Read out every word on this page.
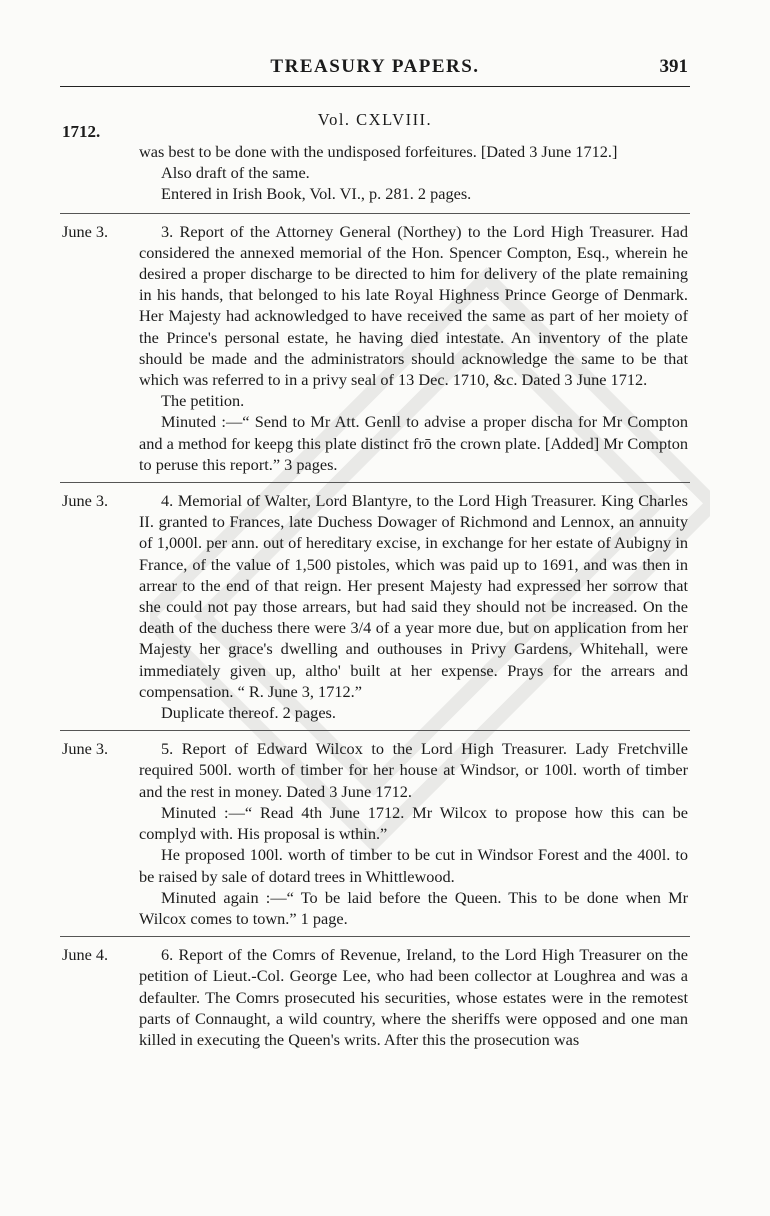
TREASURY PAPERS.	391
Vol. CXLVIII.
1712.

was best to be done with the undisposed forfeitures. [Dated 3 June 1712.]

Also draft of the same.

Entered in Irish Book, Vol. VI., p. 281. 2 pages.

June 3.	3. Report of the Attorney General (Northey) to the Lord High Treasurer. Had considered the annexed memorial of the Hon. Spencer Compton, Esq., wherein he desired a proper discharge to be directed to him for delivery of the plate remaining in his hands, that belonged to his late Royal Highness Prince George of Denmark. Her Majesty had acknowledged to have received the same as part of her moiety of the Prince's personal estate, he having died intestate. An inventory of the plate should be made and the administrators should acknowledge the same to be that which was referred to in a privy seal of 13 Dec. 1710, &c. Dated 3 June 1712.

The petition.

Minuted :—“ Send to Mr Att. Genll to advise a proper discha for Mr Compton and a method for keepg this plate distinct frō the crown plate. [Added] Mr Compton to peruse this report.” 3 pages.

June 3.	4. Memorial of Walter, Lord Blantyre, to the Lord High Treasurer. King Charles II. granted to Frances, late Duchess Dowager of Richmond and Lennox, an annuity of 1,000l. per ann. out of hereditary excise, in exchange for her estate of Aubigny in France, of the value of 1,500 pistoles, which was paid up to 1691, and was then in arrear to the end of that reign. Her present Majesty had expressed her sorrow that she could not pay those arrears, but had said they should not be increased. On the death of the duchess there were 3/4 of a year more due, but on application from her Majesty her grace's dwelling and outhouses in Privy Gardens, Whitehall, were immediately given up, altho' built at her expense. Prays for the arrears and compensation. “ R. June 3, 1712.”

Duplicate thereof. 2 pages.

June 3.	5. Report of Edward Wilcox to the Lord High Treasurer. Lady Fretchville required 500l. worth of timber for her house at Windsor, or 100l. worth of timber and the rest in money. Dated 3 June 1712.

Minuted :—“ Read 4th June 1712. Mr Wilcox to propose how this can be complyd with. His proposal is wthin.”

He proposed 100l. worth of timber to be cut in Windsor Forest and the 400l. to be raised by sale of dotard trees in Whittlewood.

Minuted again :—“ To be laid before the Queen. This to be done when Mr Wilcox comes to town.” 1 page.

June 4.	6. Report of the Comrs of Revenue, Ireland, to the Lord High Treasurer on the petition of Lieut.-Col. George Lee, who had been collector at Loughrea and was a defaulter. The Comrs prosecuted his securities, whose estates were in the remotest parts of Connaught, a wild country, where the sheriffs were opposed and one man killed in executing the Queen's writs. After this the prosecution was
